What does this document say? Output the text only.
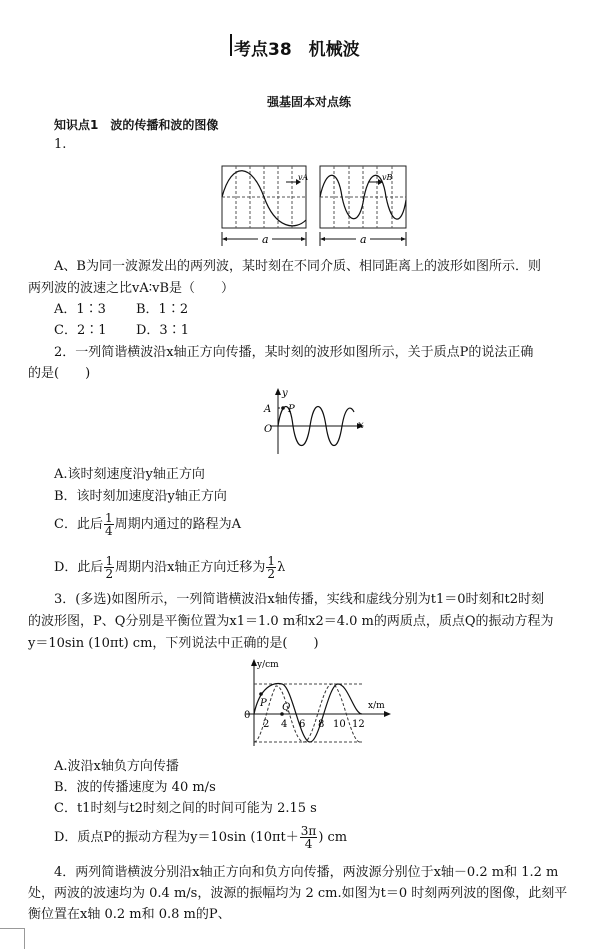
考点38　机械波
强基固本对点练
知识点1　波的传播和波的图像
1.
vA	vB
a	a
A、B为同一波源发出的两列波，某时刻在不同介质、相同距离上的波形如图所示．则
两列波的波速之比vA∶vB是（　　）
A．1∶3 B．1∶2
C．2∶1 D．3∶1
2．一列简谐横波沿x轴正方向传播，某时刻的波形如图所示，关于质点P的说法正确
的是(　　)
y
x
A P
O
A.该时刻速度沿y轴正方向
B．该时刻加速度沿y轴正方向
C．此后 $\frac{1}{4}$ 周期内通过的路程为A
D．此后 $\frac{1}{2}$ 周期内沿x轴正方向迁移为 $\frac{1}{2}$ λ
3．(多选)如图所示，一列简谐横波沿x轴传播，实线和虚线分别为t1＝0时刻和t2时刻
的波形图，P、Q分别是平衡位置为x1＝1.0 m和x2＝4.0 m的两质点，质点Q的振动方程为
y＝10sin (10πt) cm，下列说法中正确的是(　　)
y/cm
x/m
0
P Q
2 4 6 8 10 12
A.波沿x轴负方向传播
B．波的传播速度为 40 m/s
C．t1时刻与t2时刻之间的时间可能为 2.15 s
D．质点P的振动方程为y＝10sin ($10\pi t+ \frac{3\pi}{4}$ ) cm
4．两列简谐横波分别沿x轴正方向和负方向传播，两波源分别位于x轴－0.2 m和 1.2 m
处，两波的波速均为 0.4 m/s，波源的振幅均为 2 cm.如图为t＝0 时刻两列波的图像，此刻平
衡位置在x轴 0.2 m和 0.8 m的P、
